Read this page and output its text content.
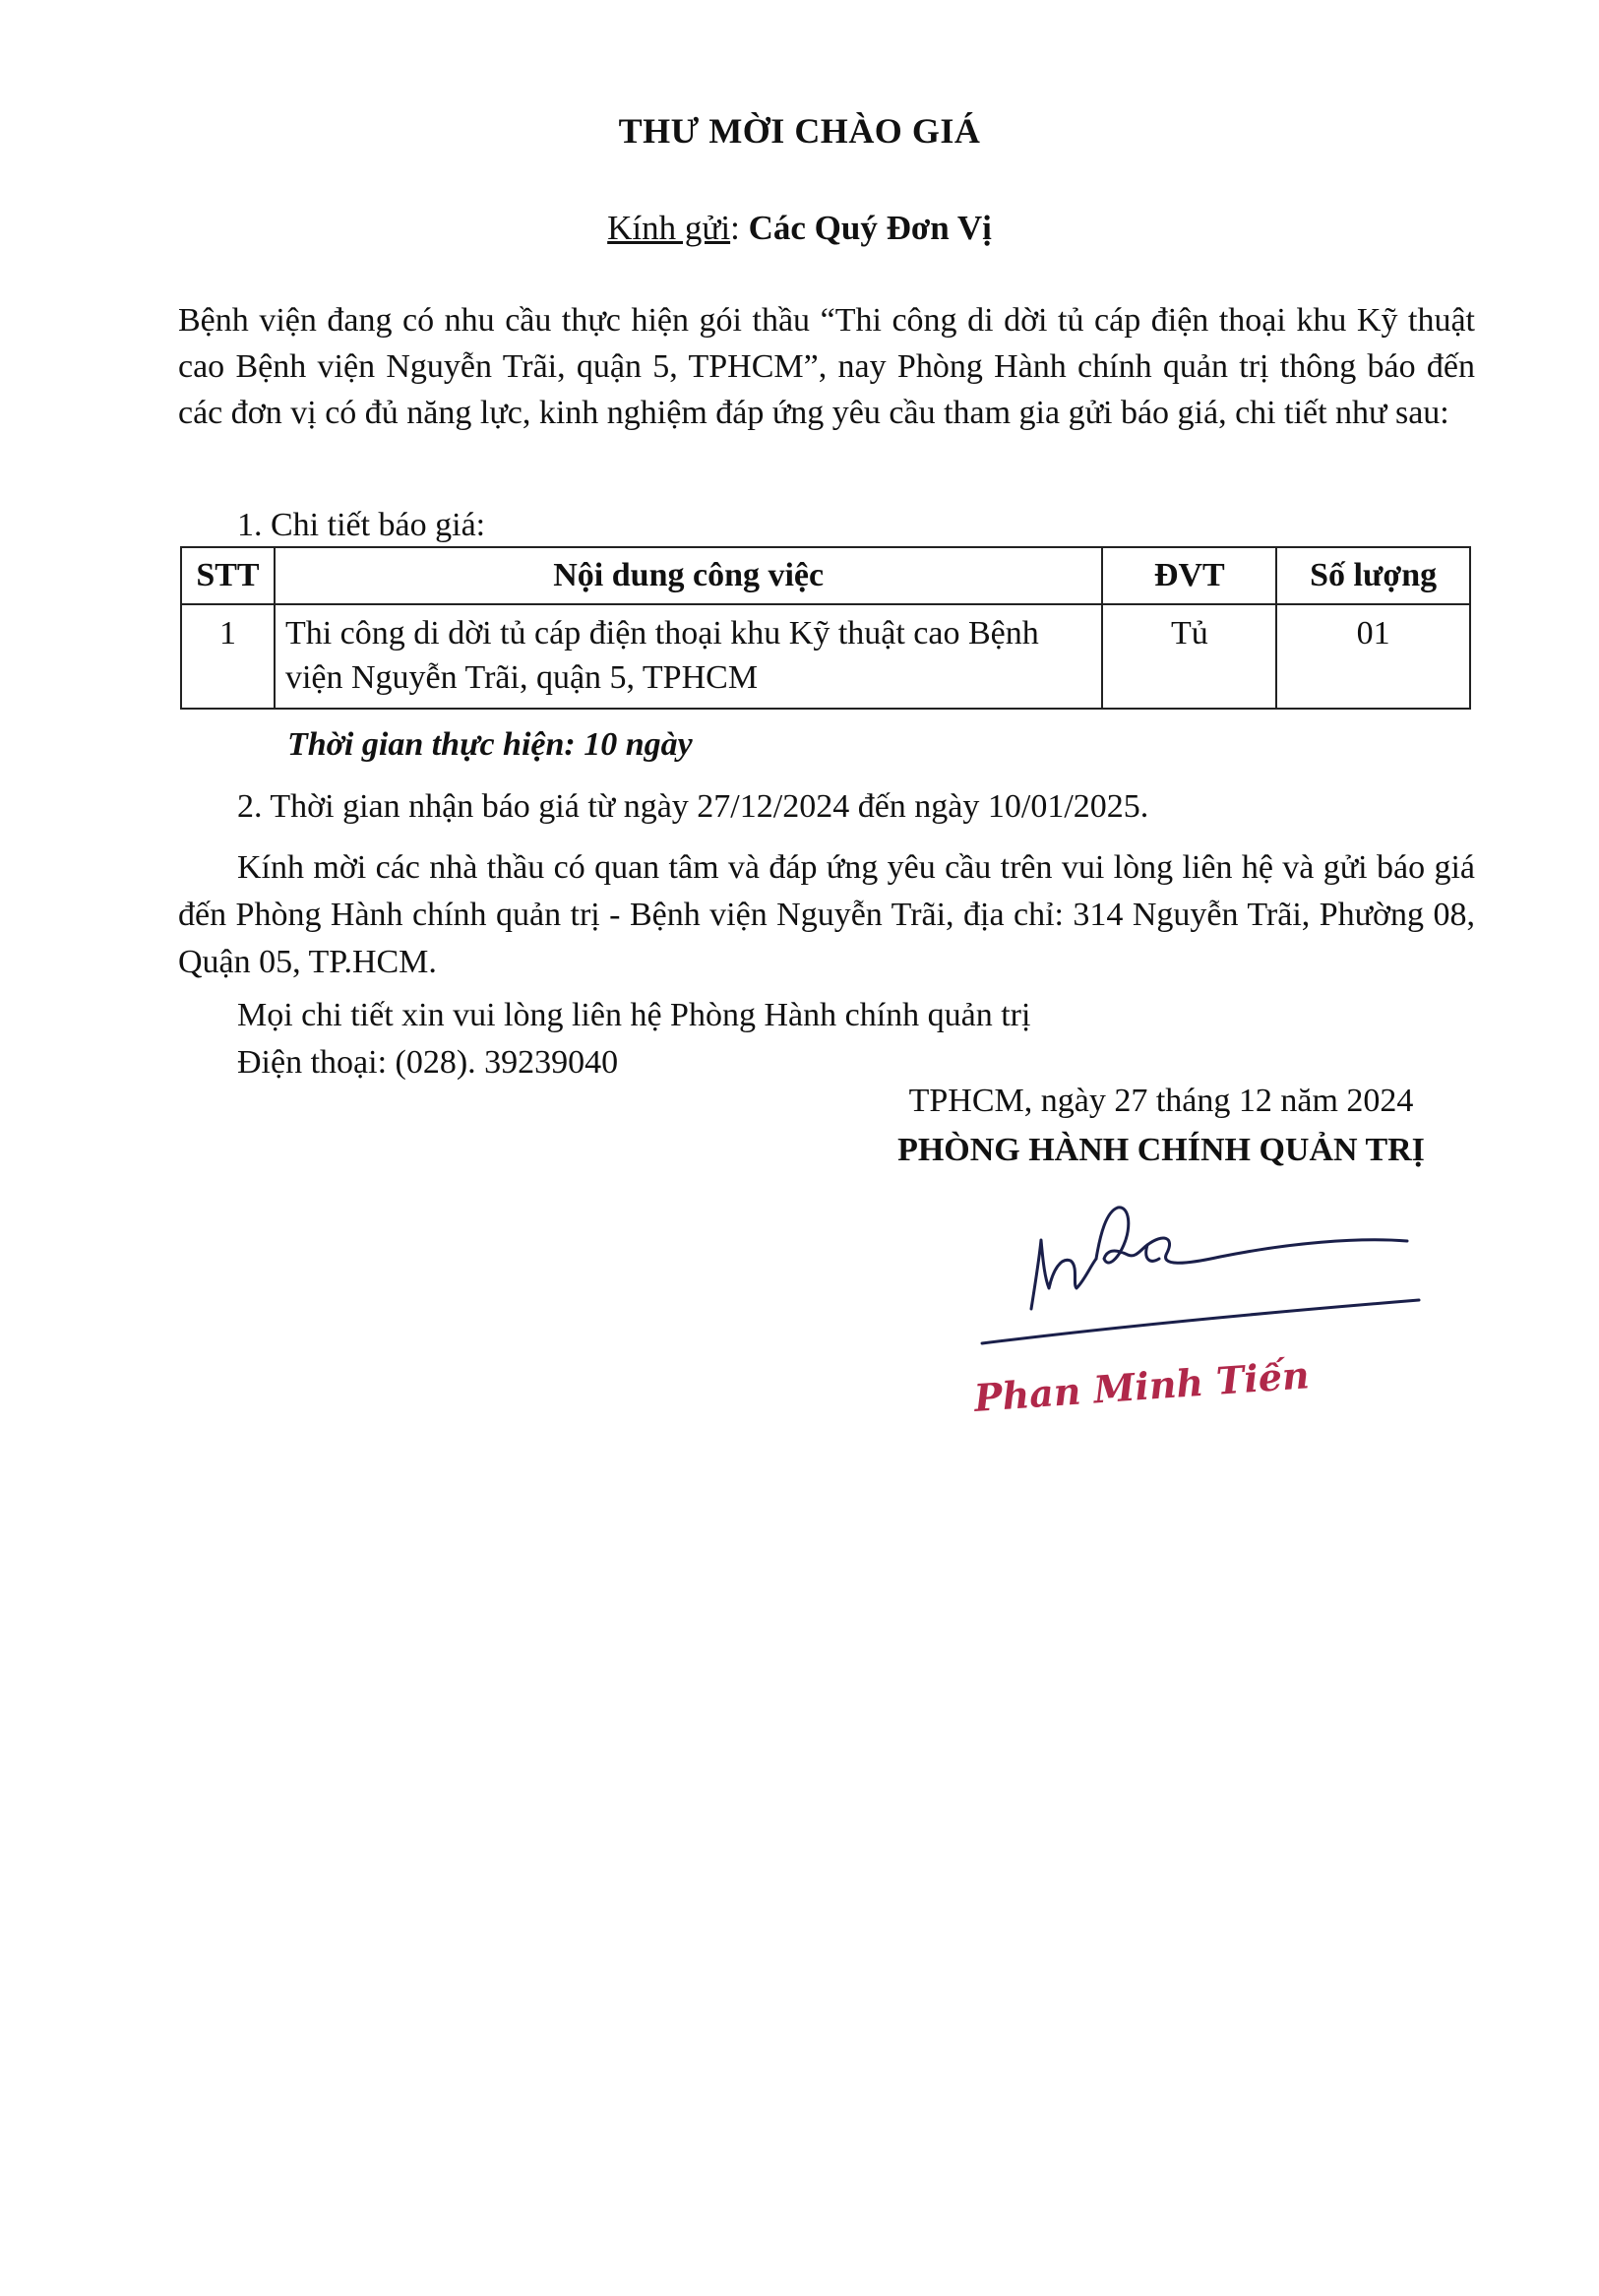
THƯ MỜI CHÀO GIÁ
Kính gửi: Các Quý Đơn Vị

Bệnh viện đang có nhu cầu thực hiện gói thầu “Thi công di dời tủ cáp điện thoại khu Kỹ thuật cao Bệnh viện Nguyễn Trãi, quận 5, TPHCM”, nay Phòng Hành chính quản trị thông báo đến các đơn vị có đủ năng lực, kinh nghiệm đáp ứng yêu cầu tham gia gửi báo giá, chi tiết như sau:

1. Chi tiết báo giá:
STT	Nội dung công việc	ĐVT	Số lượng
1	Thi công di dời tủ cáp điện thoại khu Kỹ thuật cao Bệnh viện Nguyễn Trãi, quận 5, TPHCM	Tủ	01
Thời gian thực hiện: 10 ngày
2. Thời gian nhận báo giá từ ngày 27/12/2024 đến ngày 10/01/2025.

Kính mời các nhà thầu có quan tâm và đáp ứng yêu cầu trên vui lòng liên hệ và gửi báo giá đến Phòng Hành chính quản trị - Bệnh viện Nguyễn Trãi, địa chỉ: 314 Nguyễn Trãi, Phường 08, Quận 05, TP.HCM.

Mọi chi tiết xin vui lòng liên hệ Phòng Hành chính quản trị
Điện thoại: (028). 39239040
TPHCM, ngày 27 tháng 12 năm 2024
PHÒNG HÀNH CHÍNH QUẢN TRỊ
Phan Minh Tiến
